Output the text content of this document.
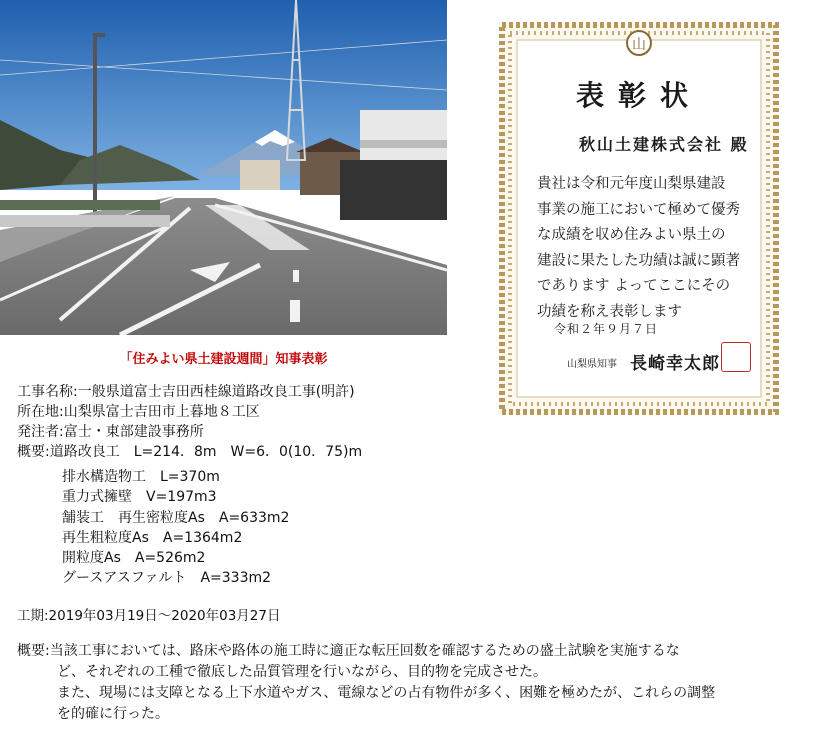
山
表彰状
秋山土建株式会社 殿
貴社は令和元年度山梨県建設
事業の施工において極めて優秀
な成績を収め住みよい県土の
建設に果たした功績は誠に顕著
であります よってここにその
功績を称え表彰します
令和２年９月７日
山梨県知事 長崎幸太郎
「住みよい県土建設週間」知事表彰
工事名称:一般県道富士吉田西桂線道路改良工事(明許)
所在地:山梨県富士吉田市上暮地８工区
発注者:富士・東部建設事務所
概要:道路改良工　L=214．8m　W=6．0(10．75)m
排水構造物工　L=370m
重力式擁壁　V=197m3
舗装工　再生密粒度As　A=633m2
再生粗粒度As　A=1364m2
開粒度As　A=526m2
グースアスファルト　A=333m2
工期:2019年03月19日～2020年03月27日
概要:当該工事においては、路床や路体の施工時に適正な転圧回数を確認するための盛土試験を実施するな
ど、それぞれの工種で徹底した品質管理を行いながら、目的物を完成させた。
また、現場には支障となる上下水道やガス、電線などの占有物件が多く、困難を極めたが、これらの調整
を的確に行った。
